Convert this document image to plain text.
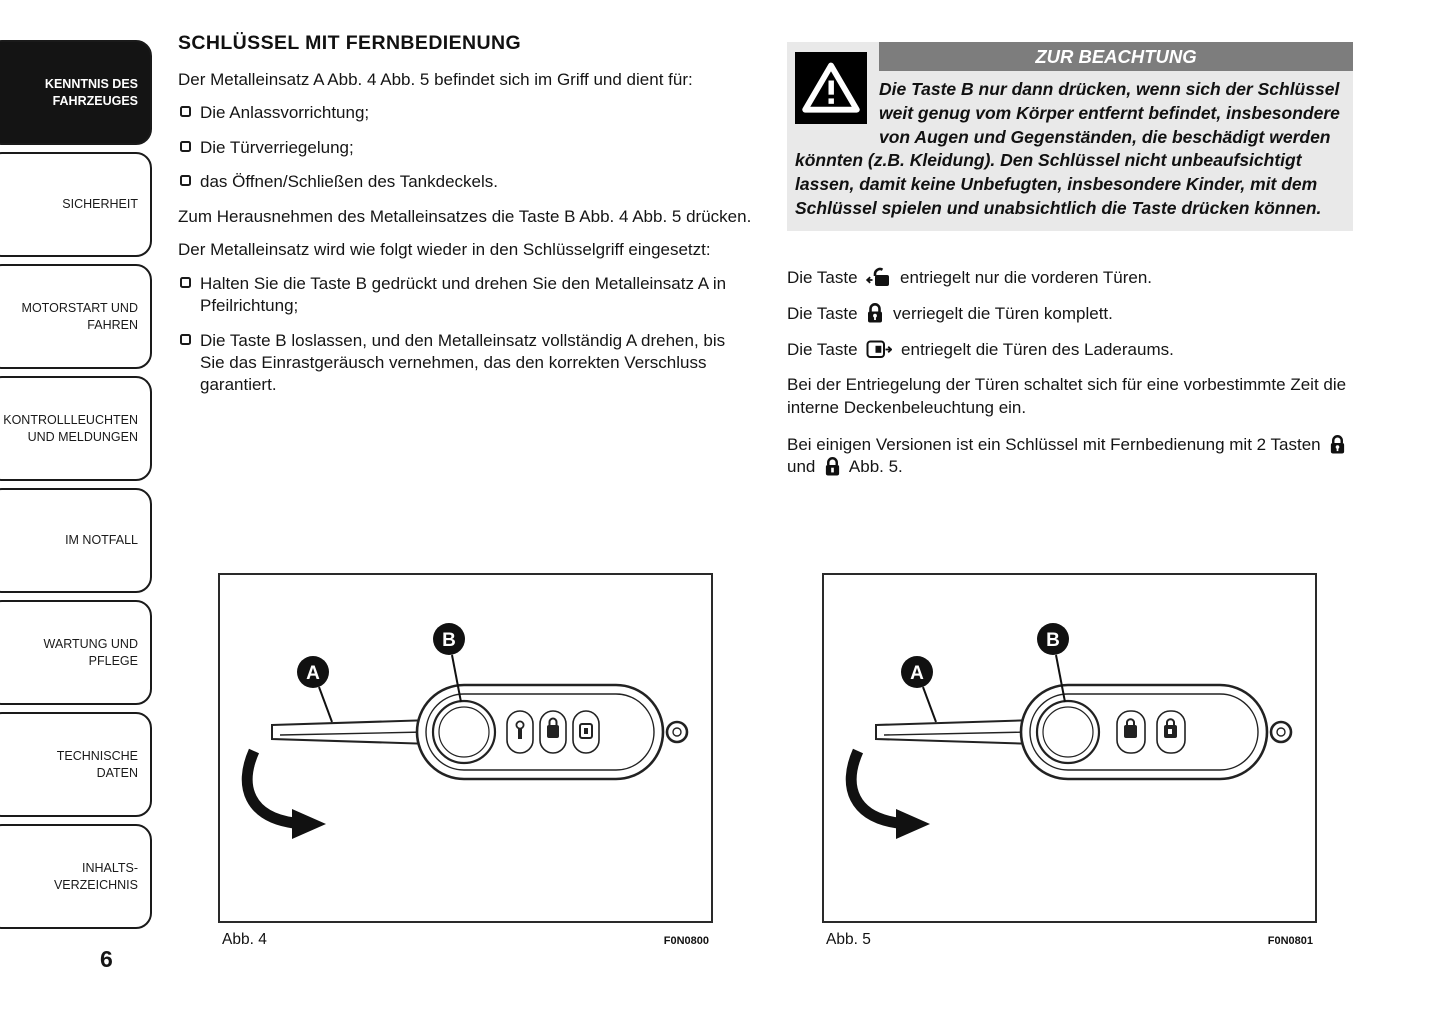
KENNTNIS DES FAHRZEUGES
SICHERHEIT
MOTORSTART UND FAHREN
KONTROLLLEUCHTEN UND MELDUNGEN
IM NOTFALL
WARTUNG UND PFLEGE
TECHNISCHE DATEN
INHALTS-VERZEICHNIS
6
SCHLÜSSEL MIT FERNBEDIENUNG

Der Metalleinsatz A Abb. 4 Abb. 5 befindet sich im Griff und dient für:

Die Anlassvorrichtung;
Die Türverriegelung;
das Öffnen/Schließen des Tankdeckels.

Zum Herausnehmen des Metalleinsatzes die Taste B Abb. 4 Abb. 5 drücken.

Der Metalleinsatz wird wie folgt wieder in den Schlüsselgriff eingesetzt:

Halten Sie die Taste B gedrückt und drehen Sie den Metalleinsatz A in Pfeilrichtung;
Die Taste B loslassen, und den Metalleinsatz vollständig A drehen, bis Sie das Einrastgeräusch vernehmen, das den korrekten Verschluss garantiert.
ZUR BEACHTUNG

Die Taste B nur dann drücken, wenn sich der Schlüssel weit genug vom Körper entfernt befindet, insbesondere von Augen und Gegenständen, die beschädigt werden könnten (z.B. Kleidung). Den Schlüssel nicht unbeaufsichtigt lassen, damit keine Unbefugten, insbesondere Kinder, mit dem Schlüssel spielen und unabsichtlich die Taste drücken können.

Die Taste entriegelt nur die vorderen Türen.
Die Taste verriegelt die Türen komplett.
Die Taste	entriegelt die Türen des Laderaums.

Bei der Entriegelung der Türen schaltet sich für eine vorbestimmte Zeit die interne Deckenbeleuchtung ein.

Bei einigen Versionen ist ein Schlüssel mit Fernbedienung mit 2 Tasten  und Abb. 5.

A
B
Abb. 4	F0N0800
A
B
Abb. 5	F0N0801
